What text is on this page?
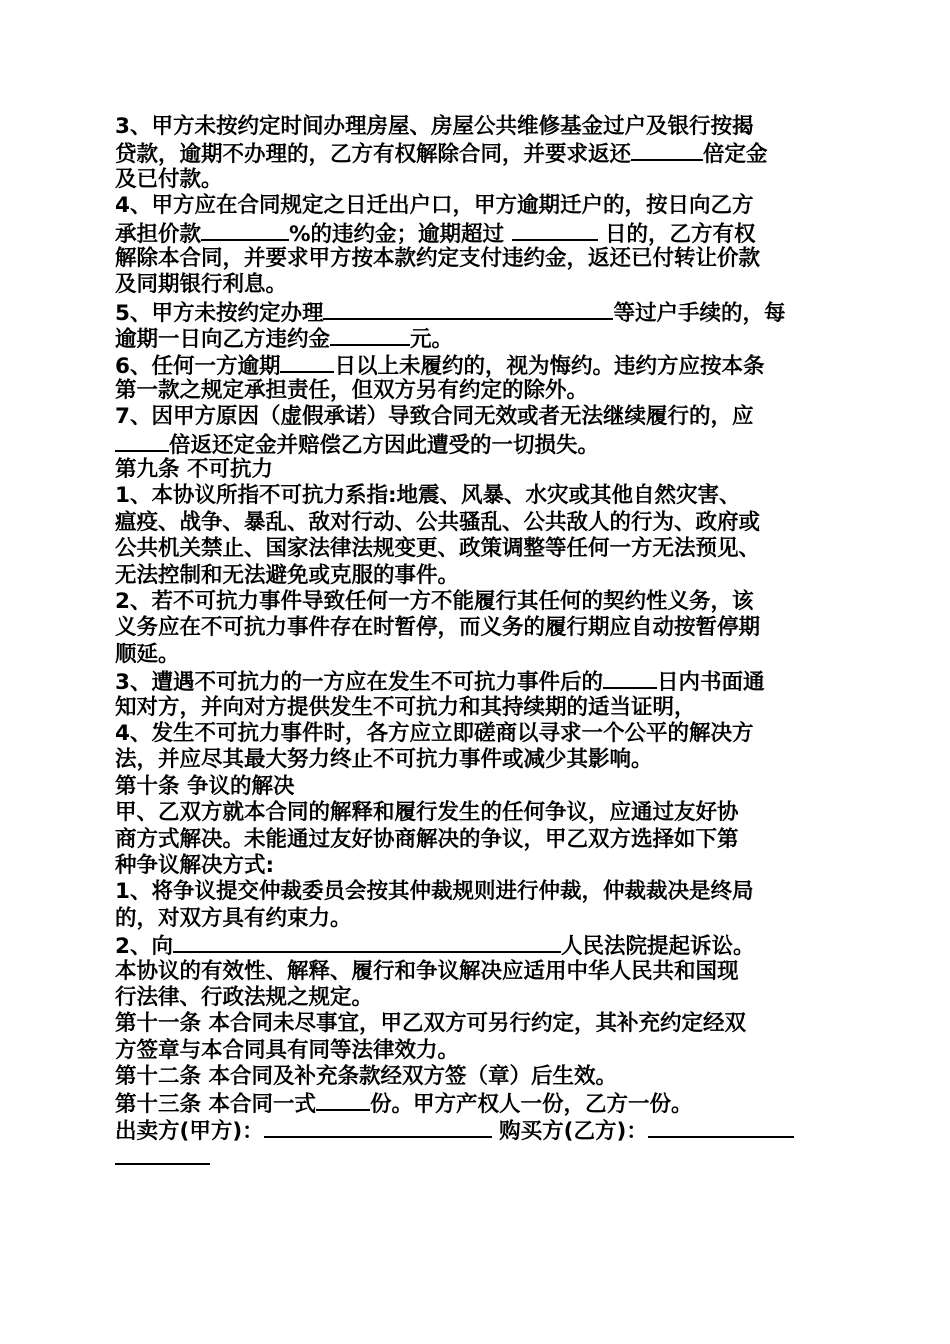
3、甲方未按约定时间办理房屋、房屋公共维修基金过户及银行按揭
贷款，逾期不办理的，乙方有权解除合同，并要求返还	倍定金
及已付款。
4、甲方应在合同规定之日迁出户口，甲方逾期迁户的，按日向乙方
承担价款	%的违约金；逾期超过	日的，乙方有权
解除本合同，并要求甲方按本款约定支付违约金，返还已付转让价款
及同期银行利息。
5、甲方未按约定办理	等过户手续的，每
逾期一日向乙方违约金	元。
6、任何一方逾期	日以上未履约的，视为悔约。违约方应按本条
第一款之规定承担责任，但双方另有约定的除外。
7、因甲方原因（虚假承诺）导致合同无效或者无法继续履行的，应
倍返还定金并赔偿乙方因此遭受的一切损失。
第九条 不可抗力
1、本协议所指不可抗力系指:地震、风暴、水灾或其他自然灾害、
瘟疫、战争、暴乱、敌对行动、公共骚乱、公共敌人的行为、政府或
公共机关禁止、国家法律法规变更、政策调整等任何一方无法预见、
无法控制和无法避免或克服的事件。
2、若不可抗力事件导致任何一方不能履行其任何的契约性义务，该
义务应在不可抗力事件存在时暂停，而义务的履行期应自动按暂停期
顺延。
3、遭遇不可抗力的一方应在发生不可抗力事件后的	日内书面通
知对方，并向对方提供发生不可抗力和其持续期的适当证明，
4、发生不可抗力事件时，各方应立即磋商以寻求一个公平的解决方
法，并应尽其最大努力终止不可抗力事件或减少其影响。
第十条 争议的解决
甲、乙双方就本合同的解释和履行发生的任何争议，应通过友好协
商方式解决。未能通过友好协商解决的争议，甲乙双方选择如下第
种争议解决方式:
1、将争议提交仲裁委员会按其仲裁规则进行仲裁，仲裁裁决是终局
的，对双方具有约束力。
2、向	人民法院提起诉讼。
本协议的有效性、解释、履行和争议解决应适用中华人民共和国现
行法律、行政法规之规定。
第十一条 本合同未尽事宜，甲乙双方可另行约定，其补充约定经双
方签章与本合同具有同等法律效力。
第十二条 本合同及补充条款经双方签（章）后生效。
第十三条 本合同一式	份。甲方产权人一份，乙方一份。
出卖方(甲方)：	购买方(乙方)：
